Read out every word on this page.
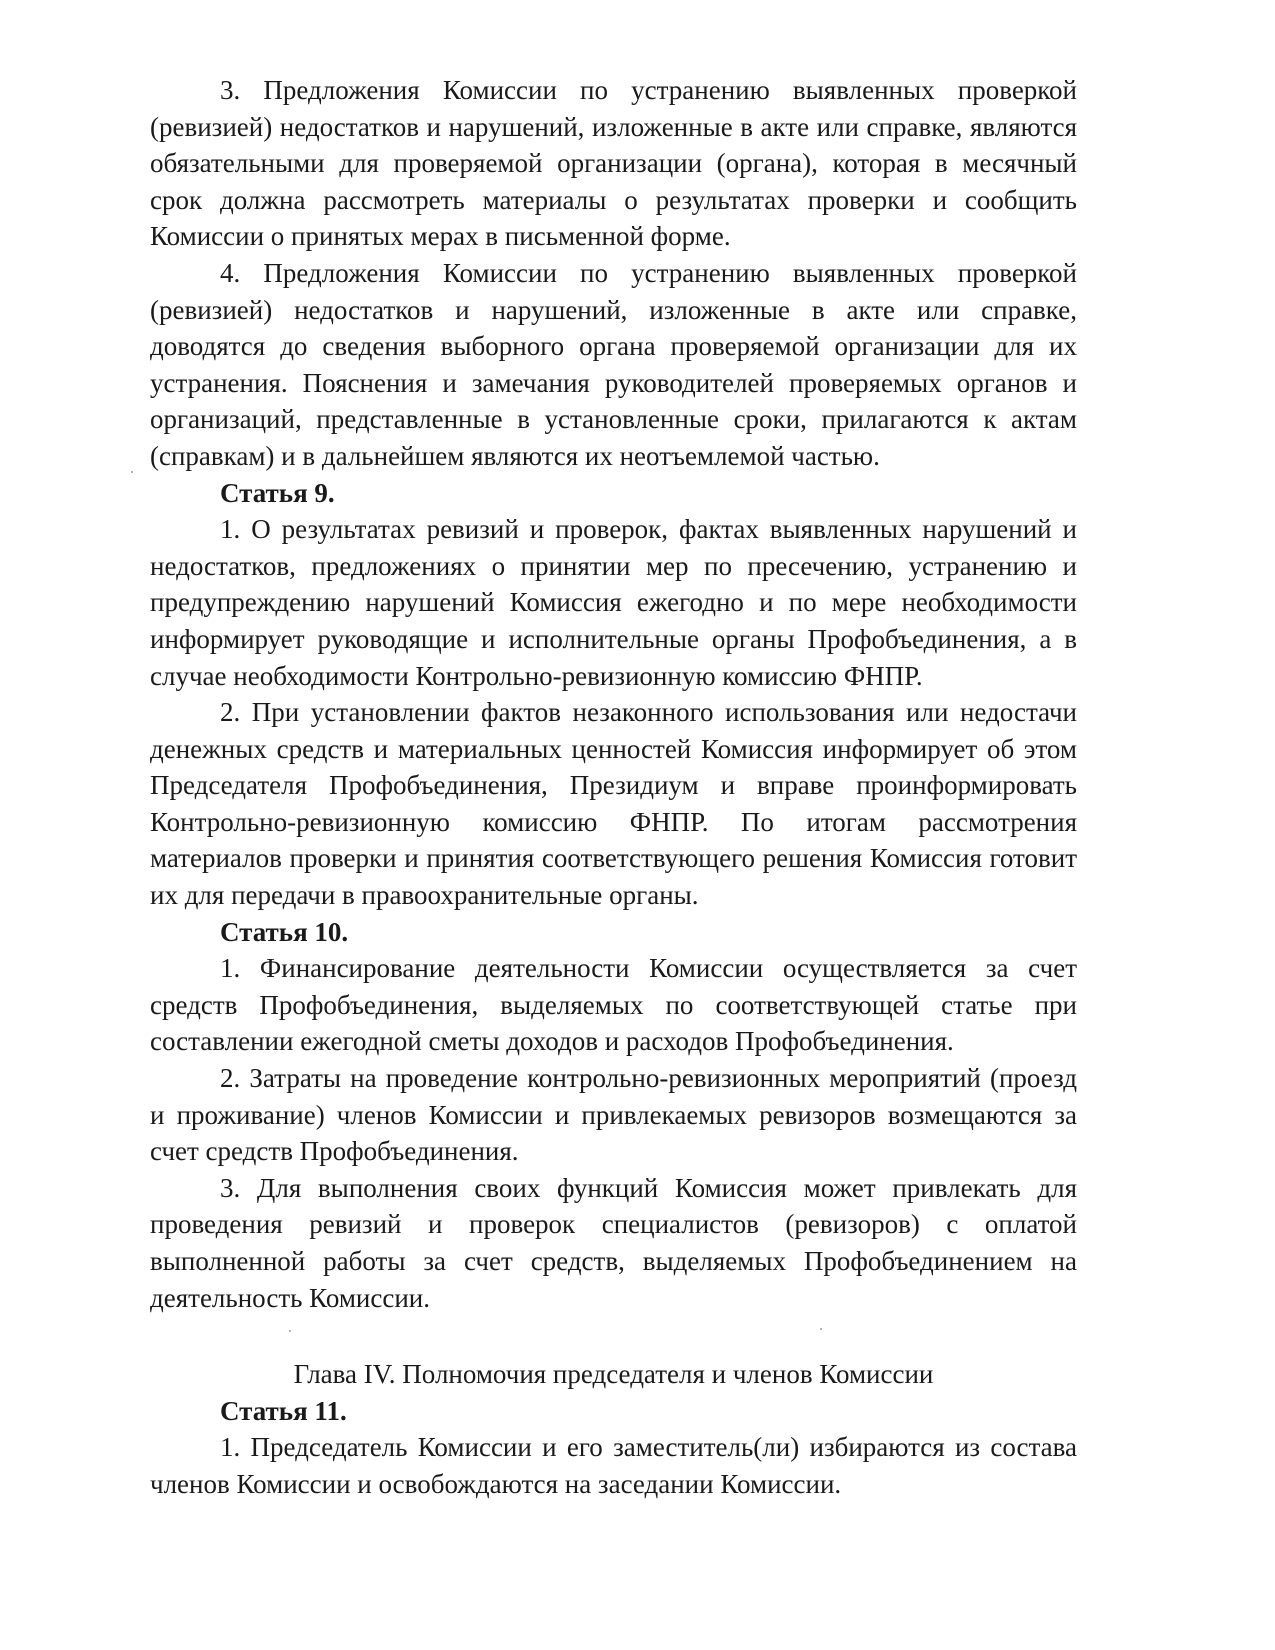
3. Предложения Комиссии по устранению выявленных проверкой (ревизией) недостатков и нарушений, изложенные в акте или справке, являются обязательными для проверяемой организации (органа), которая в месячный срок должна рассмотреть материалы о результатах проверки и сообщить Комиссии о принятых мерах в письменной форме.

4. Предложения Комиссии по устранению выявленных проверкой (ревизией) недостатков и нарушений, изложенные в акте или справке, доводятся до сведения выборного органа проверяемой организации для их устранения. Пояснения и замечания руководителей проверяемых органов и организаций, представленные в установленные сроки, прилагаются к актам (справкам) и в дальнейшем являются их неотъемлемой частью.

Статья 9.

1. О результатах ревизий и проверок, фактах выявленных нарушений и недостатков, предложениях о принятии мер по пресечению, устранению и предупреждению нарушений Комиссия ежегодно и по мере необходимости информирует руководящие и исполнительные органы Профобъединения, а в случае необходимости Контрольно-ревизионную комиссию ФНПР.

2. При установлении фактов незаконного использования или недостачи денежных средств и материальных ценностей Комиссия информирует об этом Председателя Профобъединения, Президиум и вправе проинформировать Контрольно-ревизионную комиссию ФНПР. По итогам рассмотрения материалов проверки и принятия соответствующего решения Комиссия готовит их для передачи в правоохранительные органы.

Статья 10.

1. Финансирование деятельности Комиссии осуществляется за счет средств Профобъединения, выделяемых по соответствующей статье при составлении ежегодной сметы доходов и расходов Профобъединения.

2. Затраты на проведение контрольно-ревизионных мероприятий (проезд и проживание) членов Комиссии и привлекаемых ревизоров возмещаются за счет средств Профобъединения.

3. Для выполнения своих функций Комиссия может привлекать для проведения ревизий и проверок специалистов (ревизоров) с оплатой выполненной работы за счет средств, выделяемых Профобъединением на деятельность Комиссии.

Глава IV. Полномочия председателя и членов Комиссии

Статья 11.

1. Председатель Комиссии и его заместитель(ли) избираются из состава членов Комиссии и освобождаются на заседании Комиссии.
